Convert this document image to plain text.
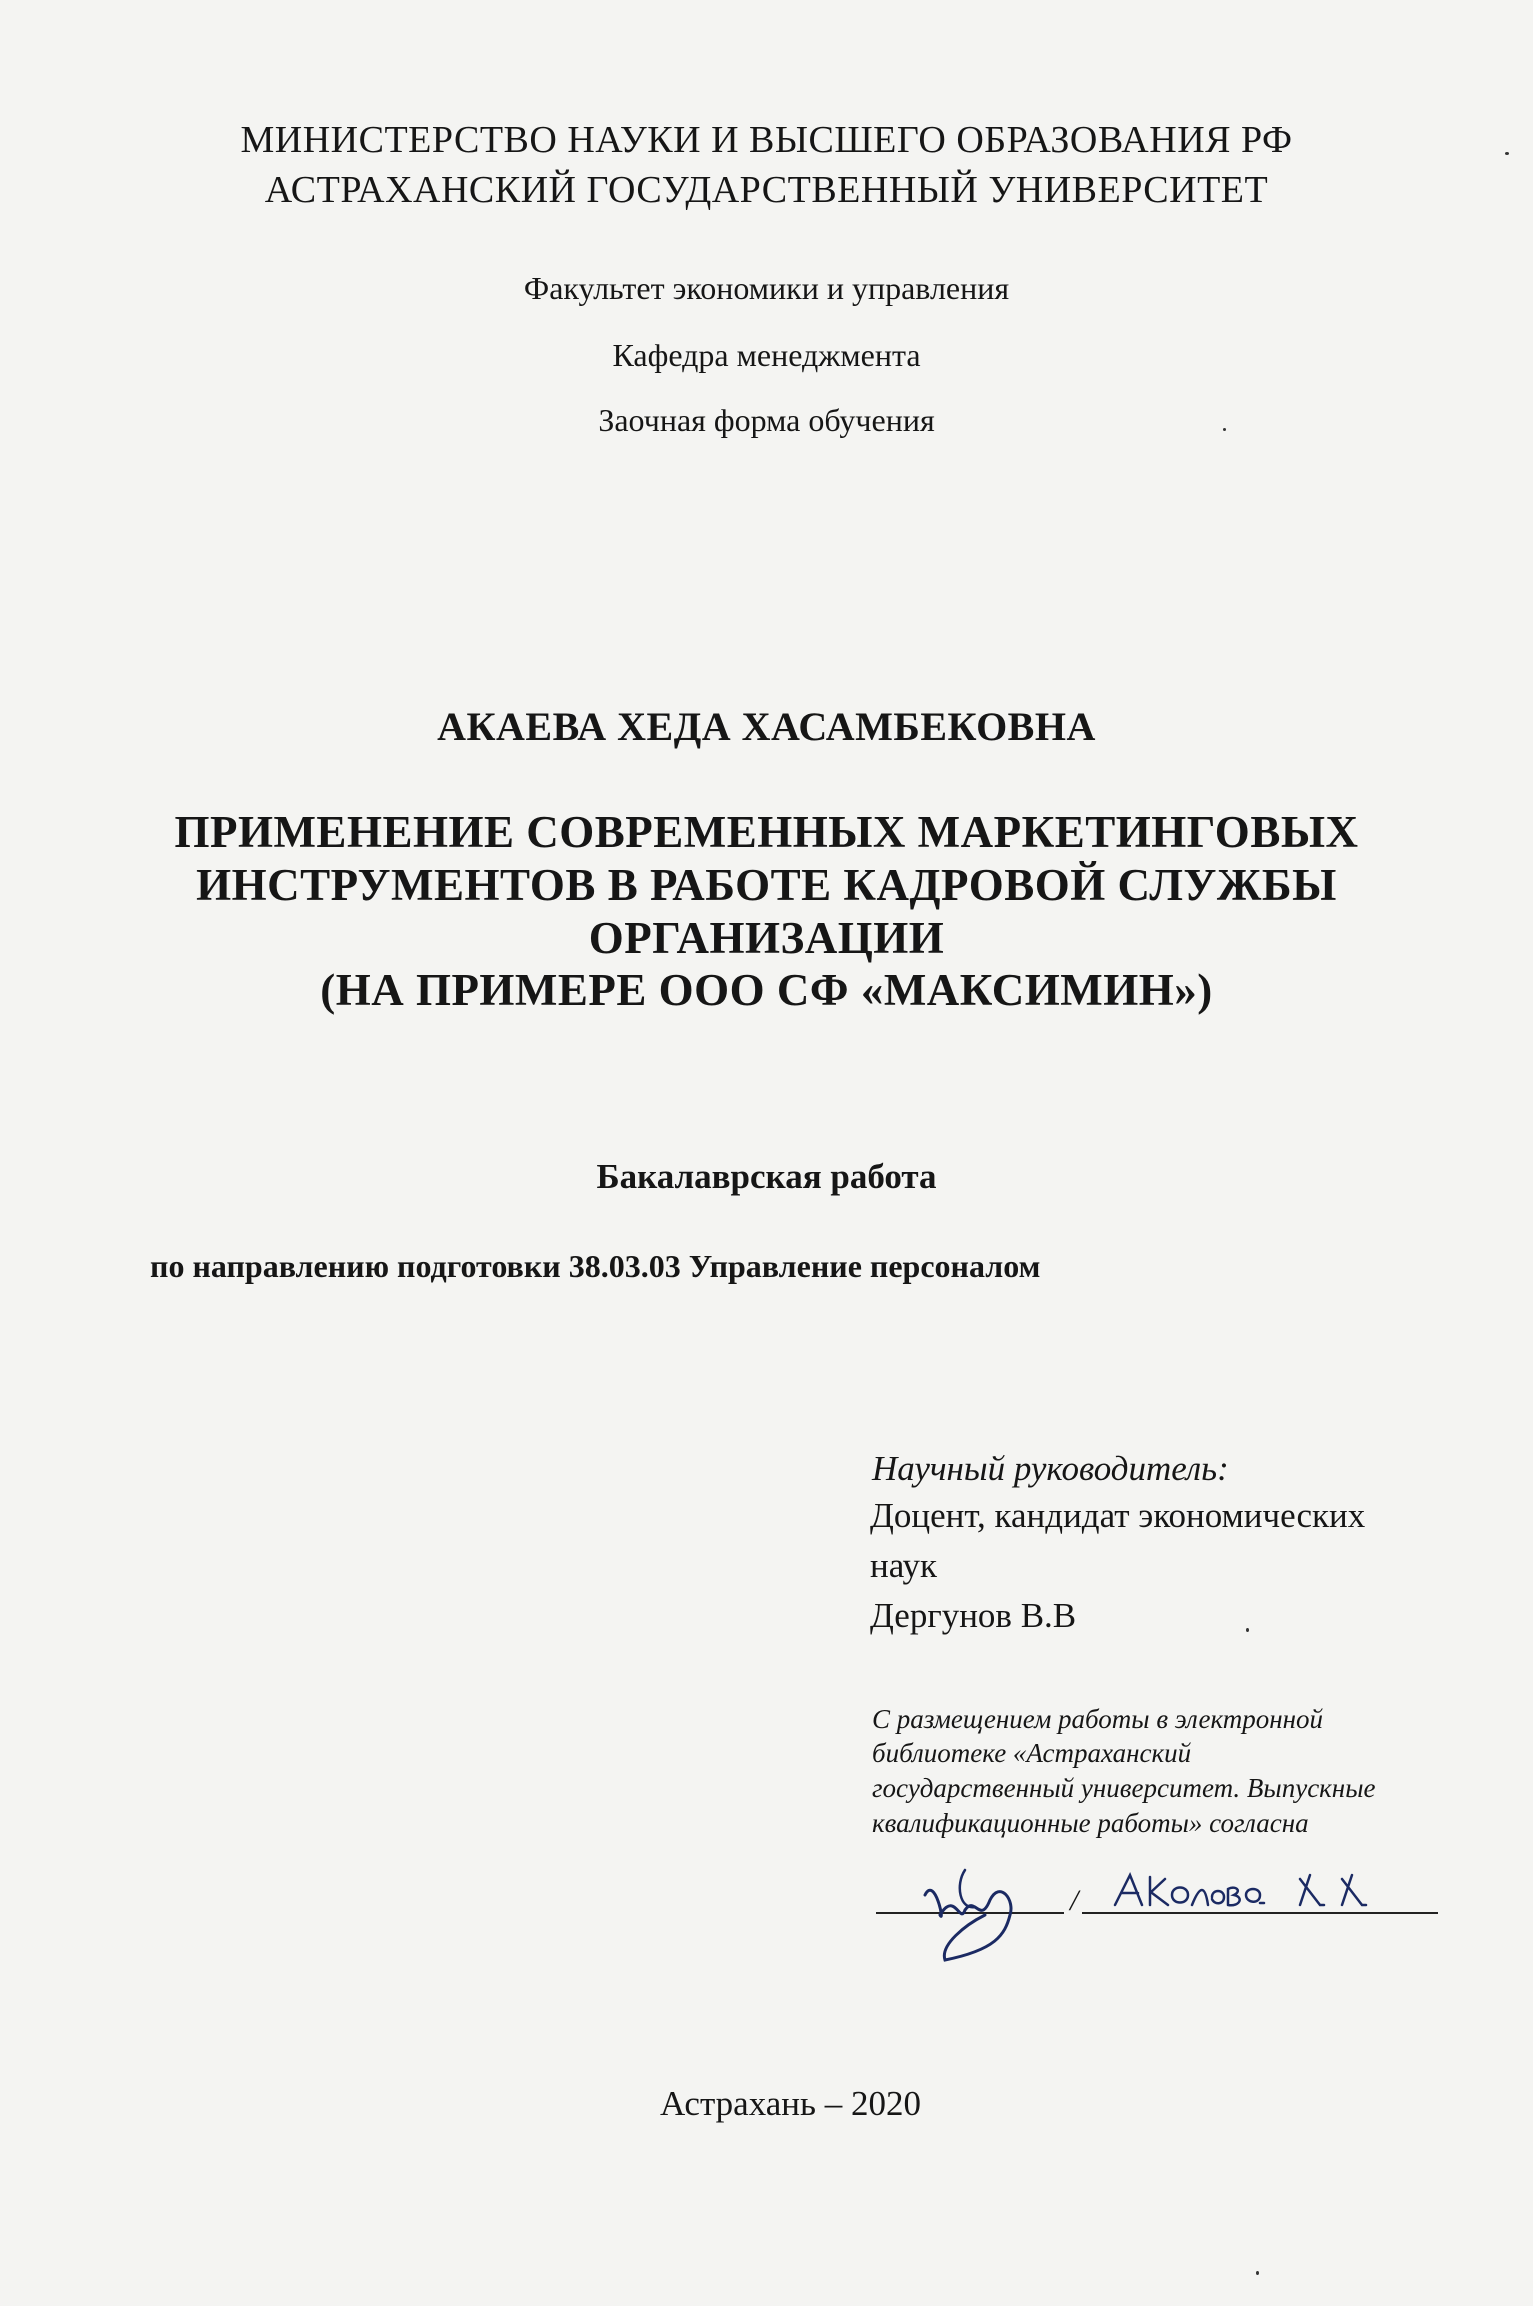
МИНИСТЕРСТВО НАУКИ И ВЫСШЕГО ОБРАЗОВАНИЯ РФ
АСТРАХАНСКИЙ ГОСУДАРСТВЕННЫЙ УНИВЕРСИТЕТ
Факультет экономики и управления
Кафедра менеджмента
Заочная форма обучения
АКАЕВА ХЕДА ХАСАМБЕКОВНА
ПРИМЕНЕНИЕ СОВРЕМЕННЫХ МАРКЕТИНГОВЫХ
ИНСТРУМЕНТОВ В РАБОТЕ КАДРОВОЙ СЛУЖБЫ
ОРГАНИЗАЦИИ
(НА ПРИМЕРЕ ООО СФ «МАКСИМИН»)
Бакалаврская работа
по направлению подготовки 38.03.03 Управление персоналом
Научный руководитель:
Доцент, кандидат экономических
наук
Дергунов В.В
С размещением работы в электронной
библиотеке «Астраханский
государственный университет. Выпускные
квалификационные работы» согласна
/
Астрахань – 2020
